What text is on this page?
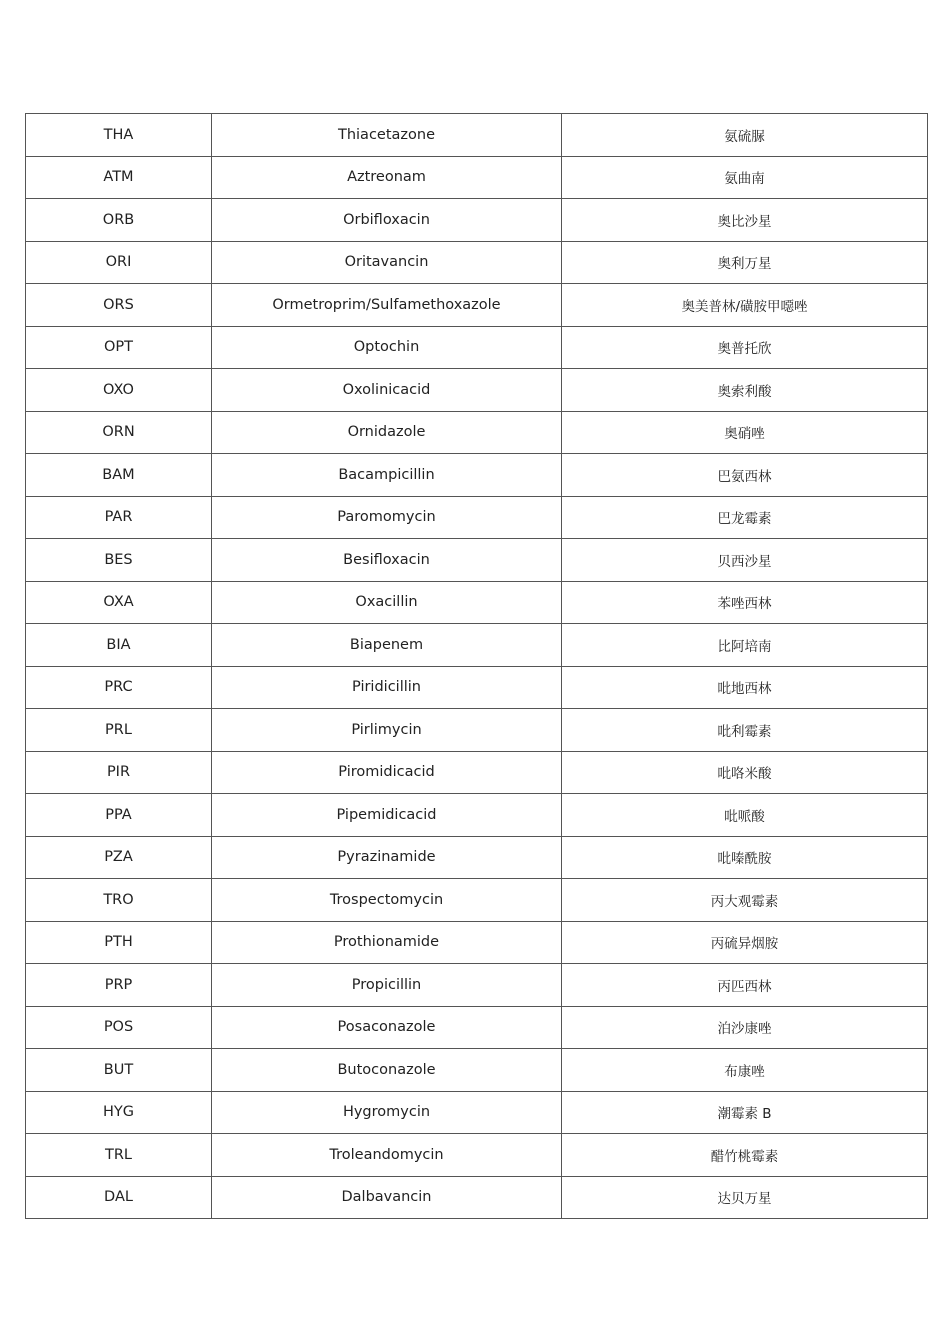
THA	Thiacetazone	氨硫脲
ATM	Aztreonam	氨曲南
ORB	Orbifloxacin	奥比沙星
ORI	Oritavancin	奥利万星
ORS	Ormetroprim/Sulfamethoxazole	奥美普林/磺胺甲噁唑
OPT	Optochin	奥普托欣
OXO	Oxolinicacid	奥索利酸
ORN	Ornidazole	奥硝唑
BAM	Bacampicillin	巴氨西林
PAR	Paromomycin	巴龙霉素
BES	Besifloxacin	贝西沙星
OXA	Oxacillin	苯唑西林
BIA	Biapenem	比阿培南
PRC	Piridicillin	吡地西林
PRL	Pirlimycin	吡利霉素
PIR	Piromidicacid	吡咯米酸
PPA	Pipemidicacid	吡哌酸
PZA	Pyrazinamide	吡嗪酰胺
TRO	Trospectomycin	丙大观霉素
PTH	Prothionamide	丙硫异烟胺
PRP	Propicillin	丙匹西林
POS	Posaconazole	泊沙康唑
BUT	Butoconazole	布康唑
HYG	Hygromycin	潮霉素 B
TRL	Troleandomycin	醋竹桃霉素
DAL	Dalbavancin	达贝万星
